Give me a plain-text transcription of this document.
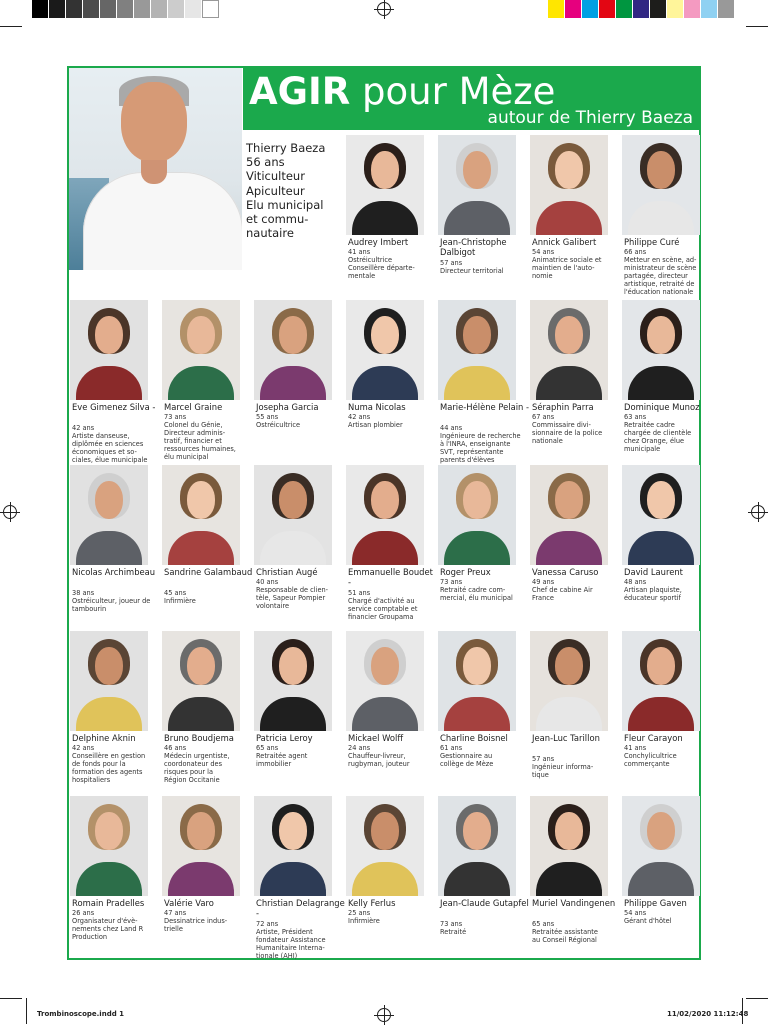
AGIR pour Mèze
autour de Thierry Baeza
Thierry Baeza
56 ans
Viticulteur
Apiculteur
Elu municipal
et commu-
nautaire
Audrey Imbert
41 ans
Ostréicultrice
Conseillère départe-
mentale
Jean-Christophe Dalbigot
57 ans
Directeur territorial
Annick Galibert
54 ans
Animatrice sociale et
maintien de l'auto-
nomie
Philippe Curé
66 ans
Metteur en scène, ad-
ministrateur de scène
partagée, directeur
artistique, retraité de
l'éducation nationale
Eve Gimenez Silva -
42 ans
Artiste danseuse,
diplômée en sciences
économiques et so-
ciales, élue municipale
Marcel Graine
73 ans
Colonel du Génie,
Directeur adminis-
tratif, financier et
ressources humaines,
élu municipal
Josepha Garcia
55 ans
Ostréicultrice
Numa Nicolas
42 ans
Artisan plombier
Marie-Hélène Pelain -
44 ans
Ingénieure de recherche
à l'INRA, enseignante
SVT, représentante
parents d'élèves
Séraphin Parra
67 ans
Commissaire divi-
sionnaire de la police
nationale
Dominique Munoz
63 ans
Retraitée cadre
chargée de clientèle
chez Orange, élue
municipale
Nicolas Archimbeau
38 ans
Ostréiculteur, joueur de
tambourin
Sandrine Galambaud
45 ans
Infirmière
Christian Augé
40 ans
Responsable de clien-
tèle, Sapeur Pompier
volontaire
Emmanuelle Boudet -
51 ans
Chargé d'activité au
service comptable et
financier Groupama
Roger Preux
73 ans
Retraité cadre com-
mercial, élu municipal
Vanessa Caruso
49 ans
Chef de cabine Air
France
David Laurent
48 ans
Artisan plaquiste,
éducateur sportif
Delphine Aknin
42 ans
Conseillère en gestion
de fonds pour la
formation des agents
hospitaliers
Bruno Boudjema
46 ans
Médecin urgentiste,
coordonateur des
risques pour la
Région Occitanie
Patricia Leroy
65 ans
Retraitée agent
immobilier
Mickael Wolff
24 ans
Chauffeur-livreur,
rugbyman, jouteur
Charline Boisnel
61 ans
Gestionnaire au
collège de Mèze
Jean-Luc Tarillon
57 ans
Ingénieur informa-
tique
Fleur Carayon
41 ans
Conchylicultrice
commerçante
Romain Pradelles
26 ans
Organisateur d'évè-
nements chez Land R
Production
Valérie Varo
47 ans
Dessinatrice indus-
trielle
Christian Delagrange -
72 ans
Artiste, Président
fondateur Assistance
Humanitaire Interna-
tionale (AHI)
Kelly Ferlus
25 ans
Infirmière
Jean-Claude Gutapfel
73 ans
Retraité
Muriel Vandingenen
65 ans
Retraitée assistante
au Conseil Régional
Philippe Gaven
54 ans
Gérant d'hôtel
Trombinoscope.indd 1	11/02/2020 11:12:48
